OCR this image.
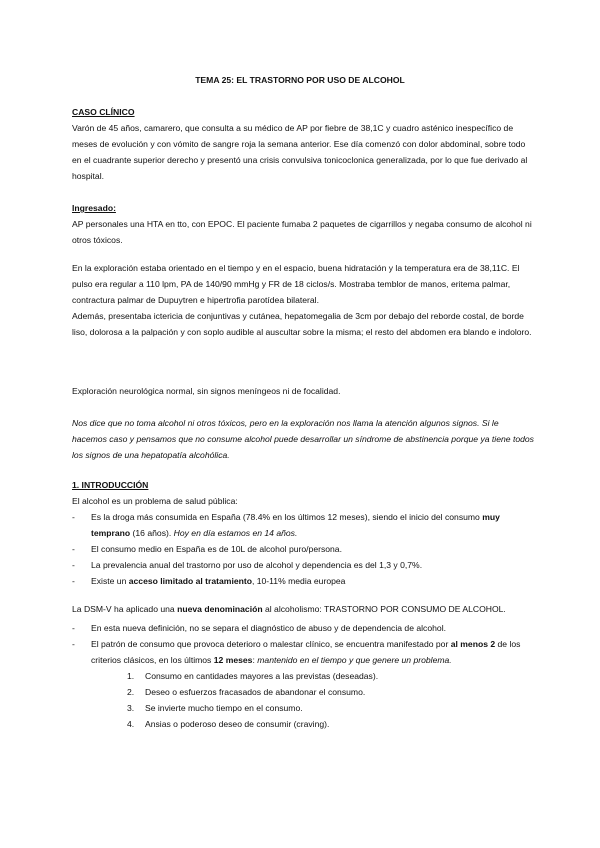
TEMA 25: EL TRASTORNO POR USO DE ALCOHOL

CASO CLÍNICO

Varón de 45 años, camarero, que consulta a su médico de AP por fiebre de 38,1C y cuadro asténico inespecífico de meses de evolución y con vómito de sangre roja la semana anterior. Ese día comenzó con dolor abdominal, sobre todo en el cuadrante superior derecho y presentó una crisis convulsiva tonicoclonica generalizada, por lo que fue derivado al hospital.

Ingresado:

AP personales una HTA en tto, con EPOC. El paciente fumaba 2 paquetes de cigarrillos y negaba consumo de alcohol ni otros tóxicos.

En la exploración estaba orientado en el tiempo y en el espacio, buena hidratación y la temperatura era de 38,11C. El pulso era regular a 110 lpm, PA de 140/90 mmHg y FR de 18 ciclos/s. Mostraba temblor de manos, eritema palmar, contractura palmar de Dupuytren e hipertrofia parotídea bilateral.

Además, presentaba ictericia de conjuntivas y cutánea, hepatomegalia de 3cm por debajo del reborde costal, de borde liso, dolorosa a la palpación y con soplo audible al auscultar sobre la misma; el resto del abdomen era blando e indoloro.

Exploración neurológica normal, sin signos meníngeos ni de focalidad.

Nos dice que no toma alcohol ni otros tóxicos, pero en la exploración nos llama la atención algunos signos. Si le hacemos caso y pensamos que no consume alcohol puede desarrollar un síndrome de abstinencia porque ya tiene todos los signos de una hepatopatía alcohólica.

1. INTRODUCCIÓN

El alcohol es un problema de salud pública:

- Es la droga más consumida en España (78.4% en los últimos 12 meses), siendo el inicio del consumo muy temprano (16 años). Hoy en día estamos en 14 años.
- El consumo medio en España es de 10L de alcohol puro/persona.
- La prevalencia anual del trastorno por uso de alcohol y dependencia es del 1,3 y 0,7%.
- Existe un acceso limitado al tratamiento, 10-11% media europea

La DSM-V ha aplicado una nueva denominación al alcoholismo: TRASTORNO POR CONSUMO DE ALCOHOL.

- En esta nueva definición, no se separa el diagnóstico de abuso y de dependencia de alcohol.
- El patrón de consumo que provoca deterioro o malestar clínico, se encuentra manifestado por al menos 2 de los criterios clásicos, en los últimos 12 meses: mantenido en el tiempo y que genere un problema.
1. Consumo en cantidades mayores a las previstas (deseadas).
2. Deseo o esfuerzos fracasados de abandonar el consumo.
3. Se invierte mucho tiempo en el consumo.
4. Ansias o poderoso deseo de consumir (craving).
